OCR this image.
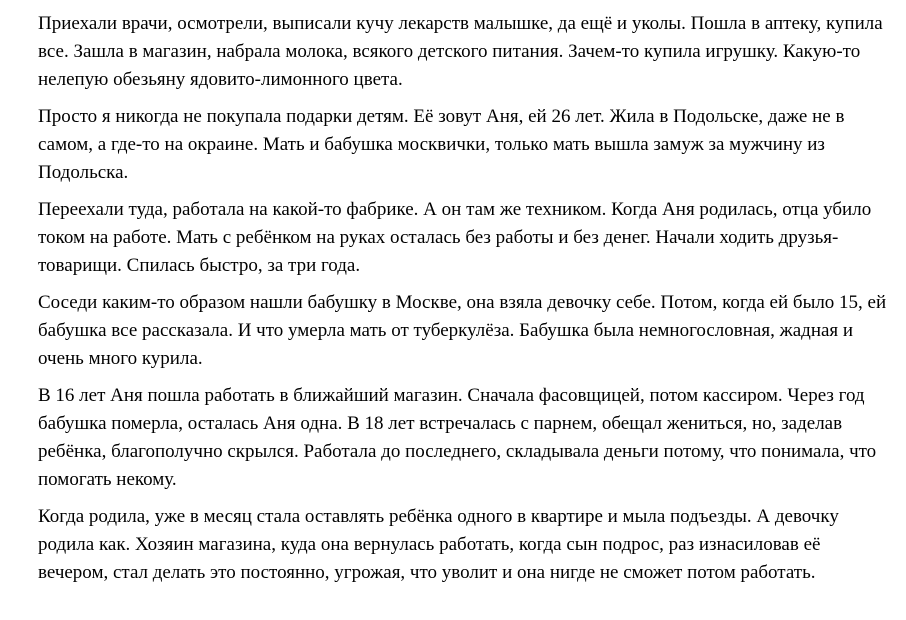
Приехали врачи, осмотрели, выписали кучу лекарств малышке, да ещё и уколы. Пошла в аптеку, купила все. Зашла в магазин, набрала молока, всякого детского питания. Зачем-то купила игрушку. Какую-то нелепую обезьяну ядовито-лимонного цвета.

Просто я никогда не покупала подарки детям. Её зовут Аня, ей 26 лет. Жила в Подольске, даже не в самом, а где-то на окраине. Мать и бабушка москвички, только мать вышла замуж за мужчину из Подольска.

Переехали туда, работала на какой-то фабрике. А он там же техником. Когда Аня родилась, отца убило током на работе. Мать с ребёнком на руках осталась без работы и без денег. Начали ходить друзья-товарищи. Спилась быстро, за три года.

Соседи каким-то образом нашли бабушку в Москве, она взяла девочку себе. Потом, когда ей было 15, ей бабушка все рассказала. И что умерла мать от туберкулёза. Бабушка была немногословная, жадная и очень много курила.

В 16 лет Аня пошла работать в ближайший магазин. Сначала фасовщицей, потом кассиром. Через год бабушка померла, осталась Аня одна. В 18 лет встречалась с парнем, обещал жениться, но, заделав ребёнка, благополучно скрылся. Работала до последнего, складывала деньги потому, что понимала, что помогать некому.

Когда родила, уже в месяц стала оставлять ребёнка одного в квартире и мыла подъезды. А девочку родила как. Хозяин магазина, куда она вернулась работать, когда сын подрос, раз изнасиловав её вечером, стал делать это постоянно, угрожая, что уволит и она нигде не сможет потом работать.
